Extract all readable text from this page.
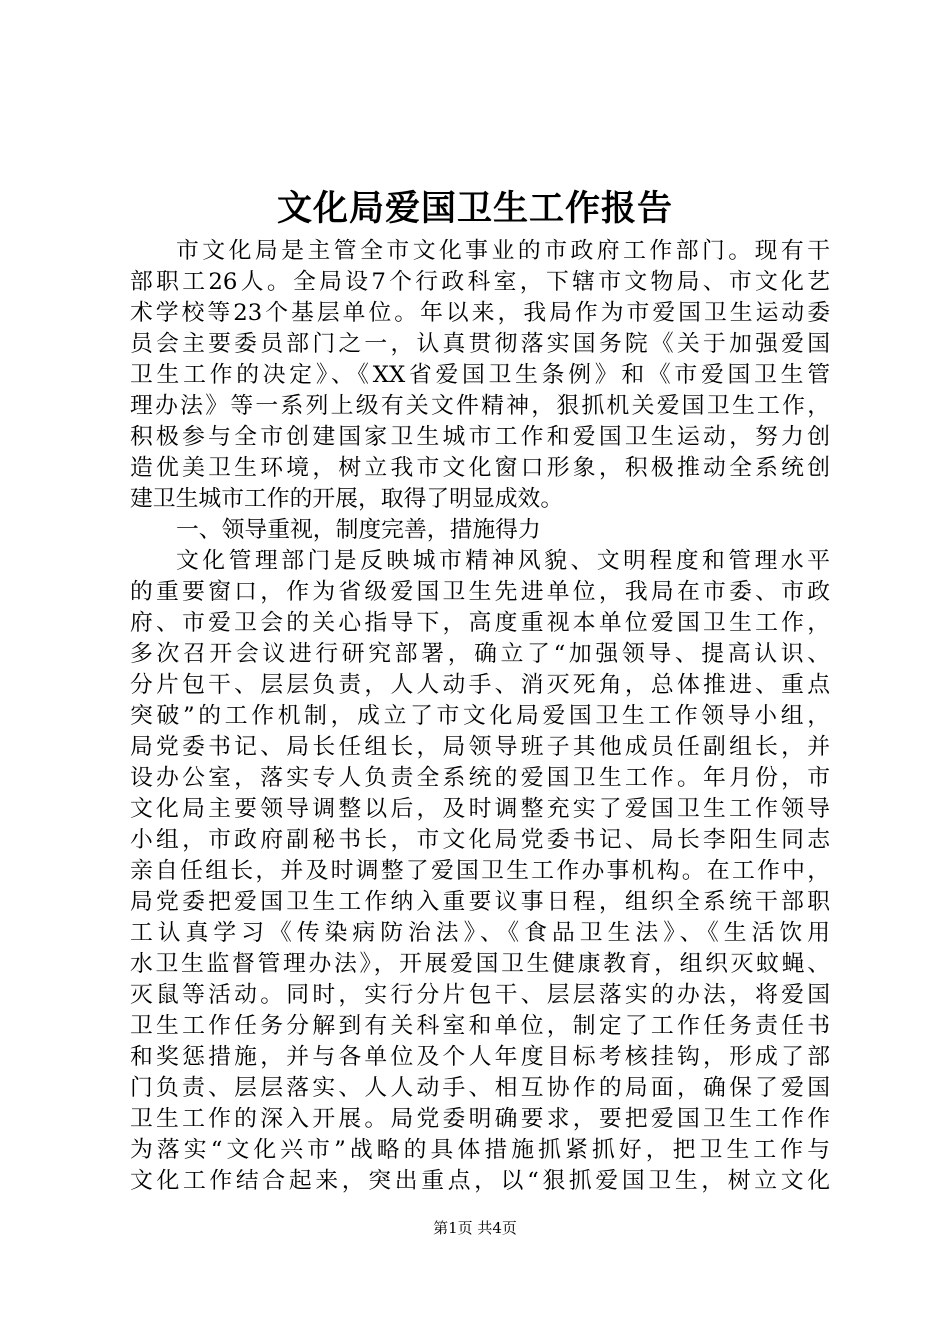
文化局爱国卫生工作报告
市文化局是主管全市文化事业的市政府工作部门。现有干
部职工26人。全局设7个行政科室，下辖市文物局、市文化艺
术学校等23个基层单位。年以来，我局作为市爱国卫生运动委
员会主要委员部门之一，认真贯彻落实国务院《关于加强爱国
卫生工作的决定》、《XX省爱国卫生条例》和《市爱国卫生管
理办法》等一系列上级有关文件精神，狠抓机关爱国卫生工作，
积极参与全市创建国家卫生城市工作和爱国卫生运动，努力创
造优美卫生环境，树立我市文化窗口形象，积极推动全系统创
建卫生城市工作的开展，取得了明显成效。
一、领导重视，制度完善，措施得力
文化管理部门是反映城市精神风貌、文明程度和管理水平
的重要窗口，作为省级爱国卫生先进单位，我局在市委、市政
府、市爱卫会的关心指导下，高度重视本单位爱国卫生工作，
多次召开会议进行研究部署，确立了“加强领导、提高认识、
分片包干、层层负责，人人动手、消灭死角，总体推进、重点
突破”的工作机制，成立了市文化局爱国卫生工作领导小组，
局党委书记、局长任组长，局领导班子其他成员任副组长，并
设办公室，落实专人负责全系统的爱国卫生工作。年月份，市
文化局主要领导调整以后，及时调整充实了爱国卫生工作领导
小组，市政府副秘书长，市文化局党委书记、局长李阳生同志
亲自任组长，并及时调整了爱国卫生工作办事机构。在工作中，
局党委把爱国卫生工作纳入重要议事日程，组织全系统干部职
工认真学习《传染病防治法》、《食品卫生法》、《生活饮用
水卫生监督管理办法》，开展爱国卫生健康教育，组织灭蚊蝇、
灭鼠等活动。同时，实行分片包干、层层落实的办法，将爱国
卫生工作任务分解到有关科室和单位，制定了工作任务责任书
和奖惩措施，并与各单位及个人年度目标考核挂钩，形成了部
门负责、层层落实、人人动手、相互协作的局面，确保了爱国
卫生工作的深入开展。局党委明确要求，要把爱国卫生工作作
为落实“文化兴市”战略的具体措施抓紧抓好，把卫生工作与
文化工作结合起来，突出重点，以“狠抓爱国卫生，树立文化
第1页 共4页
